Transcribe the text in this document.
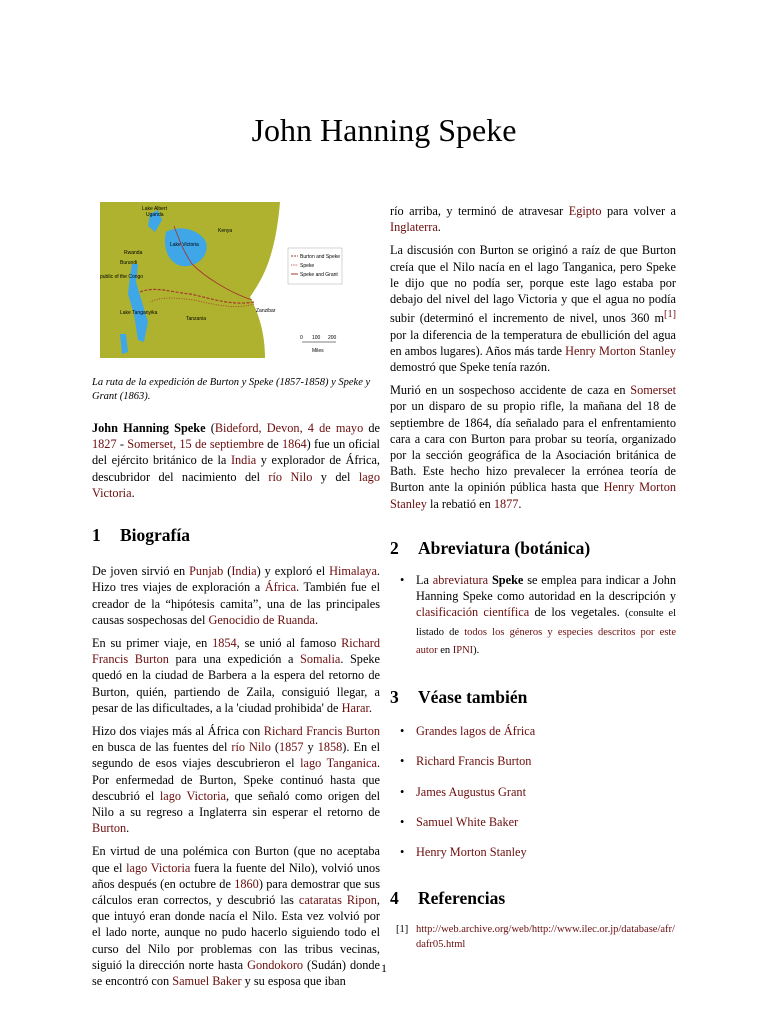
John Hanning Speke
Burton and Speke
Speke
Speke and Grant
Lake Albert
Uganda
Kenya
Rwanda
Lake Victoria
Burundi
public of the Congo
Lake Tanganyika
Tanzania
Zanzibar
0 100 200
Miles
La ruta de la expedición de Burton y Speke (1857-1858) y Speke y Grant (1863).

John Hanning Speke (Bideford, Devon, 4 de mayo de 1827 - Somerset, 15 de septiembre de 1864) fue un oficial del ejército británico de la India y explorador de África, descubridor del nacimiento del río Nilo y del lago Victoria.

1 Biografía

De joven sirvió en Punjab (India) y exploró el Himalaya. Hizo tres viajes de exploración a África. También fue el creador de la “hipótesis camita”, una de las principales causas sospechosas del Genocidio de Ruanda.

En su primer viaje, en 1854, se unió al famoso Richard Francis Burton para una expedición a Somalia. Speke quedó en la ciudad de Barbera a la espera del retorno de Burton, quién, partiendo de Zaila, consiguió llegar, a pesar de las dificultades, a la 'ciudad prohibida' de Harar.

Hizo dos viajes más al África con Richard Francis Burton en busca de las fuentes del río Nilo (1857 y 1858). En el segundo de esos viajes descubrieron el lago Tanganica. Por enfermedad de Burton, Speke continuó hasta que descubrió el lago Victoria, que señaló como origen del Nilo a su regreso a Inglaterra sin esperar el retorno de Burton.

En virtud de una polémica con Burton (que no aceptaba que el lago Victoria fuera la fuente del Nilo), volvió unos años después (en octubre de 1860) para demostrar que sus cálculos eran correctos, y descubrió las cataratas Ripon, que intuyó eran donde nacía el Nilo. Esta vez volvió por el lado norte, aunque no pudo hacerlo siguiendo todo el curso del Nilo por problemas con las tribus vecinas, siguió la dirección norte hasta Gondokoro (Sudán) donde se encontró con Samuel Baker y su esposa que iban

río arriba, y terminó de atravesar Egipto para volver a Inglaterra.

La discusión con Burton se originó a raíz de que Burton creía que el Nilo nacía en el lago Tanganica, pero Speke le dijo que no podía ser, porque este lago estaba por debajo del nivel del lago Victoria y que el agua no podía subir (determinó el incremento de nivel, unos 360 m[1] por la diferencia de la temperatura de ebullición del agua en ambos lugares). Años más tarde Henry Morton Stanley demostró que Speke tenía razón.

Murió en un sospechoso accidente de caza en Somerset por un disparo de su propio rifle, la mañana del 18 de septiembre de 1864, día señalado para el enfrentamiento cara a cara con Burton para probar su teoría, organizado por la sección geográfica de la Asociación británica de Bath. Este hecho hizo prevalecer la errónea teoría de Burton ante la opinión pública hasta que Henry Morton Stanley la rebatió en 1877.

2 Abreviatura (botánica)
• La abreviatura Speke se emplea para indicar a John Hanning Speke como autoridad en la descripción y clasificación científica de los vegetales. (consulte el listado de todos los géneros y especies descritos por este autor en IPNI).
3 Véase también
• Grandes lagos de África
• Richard Francis Burton
• James Augustus Grant
• Samuel White Baker
• Henry Morton Stanley
4 Referencias
[1] http://web.archive.org/web/http://www.ilec.or.jp/database/afr/dafr05.html
1
